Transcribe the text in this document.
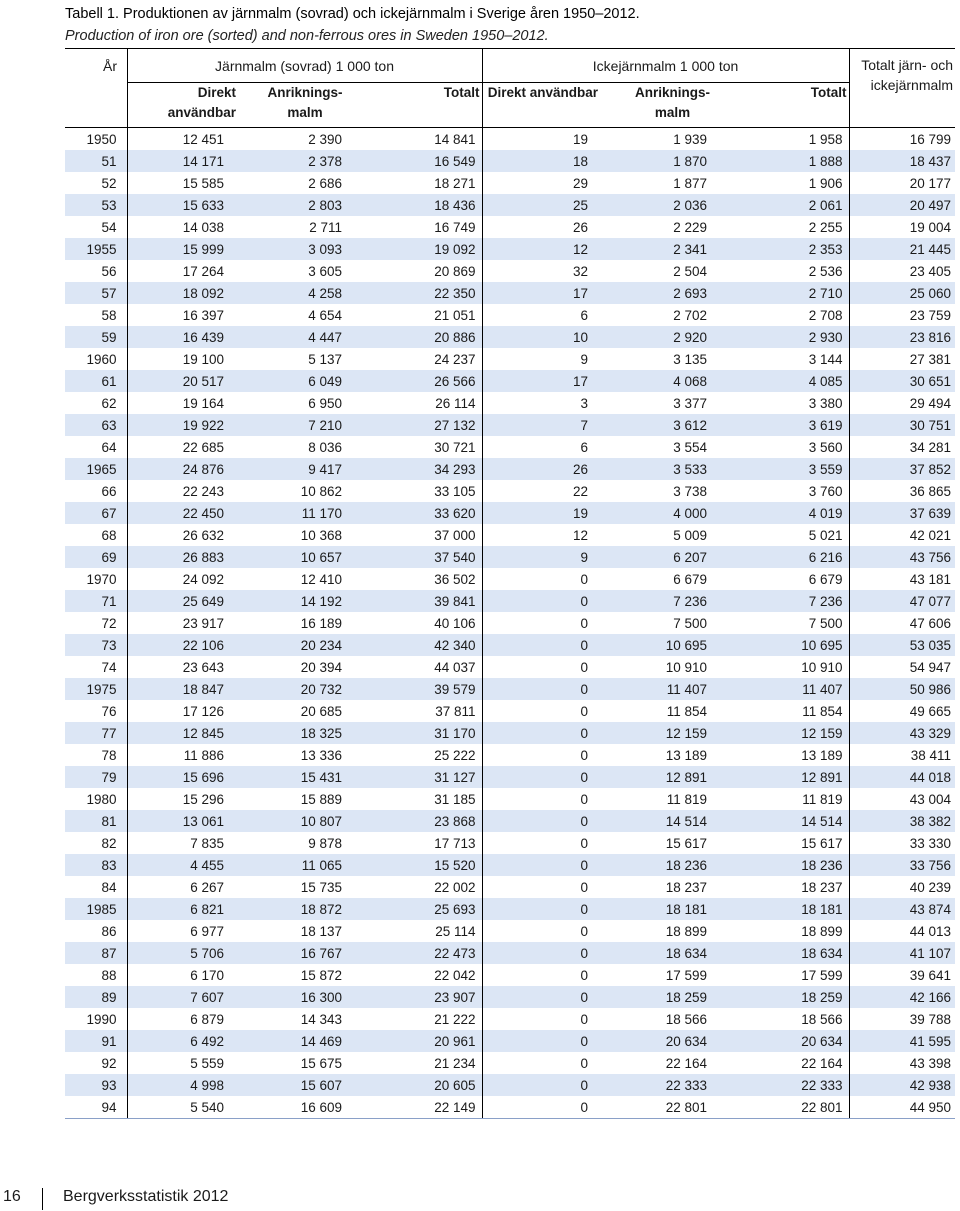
Tabell 1. Produktionen av järnmalm (sovrad) och ickejärnmalm i Sverige åren 1950–2012.
Production of iron ore (sorted) and non-ferrous ores in Sweden 1950–2012.
År	Järnmalm (sovrad) 1 000 ton			Ickejärnmalm 1 000 ton			Totalt järn- och ickejärnmalm
	Direkt användbar	Anriknings- malm	Totalt	Direkt användbar	Anriknings- malm	Totalt	
1950	12 451	2 390	14 841	19	1 939	1 958	16 799
51	14 171	2 378	16 549	18	1 870	1 888	18 437
52	15 585	2 686	18 271	29	1 877	1 906	20 177
53	15 633	2 803	18 436	25	2 036	2 061	20 497
54	14 038	2 711	16 749	26	2 229	2 255	19 004
1955	15 999	3 093	19 092	12	2 341	2 353	21 445
56	17 264	3 605	20 869	32	2 504	2 536	23 405
57	18 092	4 258	22 350	17	2 693	2 710	25 060
58	16 397	4 654	21 051	6	2 702	2 708	23 759
59	16 439	4 447	20 886	10	2 920	2 930	23 816
1960	19 100	5 137	24 237	9	3 135	3 144	27 381
61	20 517	6 049	26 566	17	4 068	4 085	30 651
62	19 164	6 950	26 114	3	3 377	3 380	29 494
63	19 922	7 210	27 132	7	3 612	3 619	30 751
64	22 685	8 036	30 721	6	3 554	3 560	34 281
1965	24 876	9 417	34 293	26	3 533	3 559	37 852
66	22 243	10 862	33 105	22	3 738	3 760	36 865
67	22 450	11 170	33 620	19	4 000	4 019	37 639
68	26 632	10 368	37 000	12	5 009	5 021	42 021
69	26 883	10 657	37 540	9	6 207	6 216	43 756
1970	24 092	12 410	36 502	0	6 679	6 679	43 181
71	25 649	14 192	39 841	0	7 236	7 236	47 077
72	23 917	16 189	40 106	0	7 500	7 500	47 606
73	22 106	20 234	42 340	0	10 695	10 695	53 035
74	23 643	20 394	44 037	0	10 910	10 910	54 947
1975	18 847	20 732	39 579	0	11 407	11 407	50 986
76	17 126	20 685	37 811	0	11 854	11 854	49 665
77	12 845	18 325	31 170	0	12 159	12 159	43 329
78	11 886	13 336	25 222	0	13 189	13 189	38 411
79	15 696	15 431	31 127	0	12 891	12 891	44 018
1980	15 296	15 889	31 185	0	11 819	11 819	43 004
81	13 061	10 807	23 868	0	14 514	14 514	38 382
82	7 835	9 878	17 713	0	15 617	15 617	33 330
83	4 455	11 065	15 520	0	18 236	18 236	33 756
84	6 267	15 735	22 002	0	18 237	18 237	40 239
1985	6 821	18 872	25 693	0	18 181	18 181	43 874
86	6 977	18 137	25 114	0	18 899	18 899	44 013
87	5 706	16 767	22 473	0	18 634	18 634	41 107
88	6 170	15 872	22 042	0	17 599	17 599	39 641
89	7 607	16 300	23 907	0	18 259	18 259	42 166
1990	6 879	14 343	21 222	0	18 566	18 566	39 788
91	6 492	14 469	20 961	0	20 634	20 634	41 595
92	5 559	15 675	21 234	0	22 164	22 164	43 398
93	4 998	15 607	20 605	0	22 333	22 333	42 938
94	5 540	16 609	22 149	0	22 801	22 801	44 950
16	Bergverksstatistik 2012
